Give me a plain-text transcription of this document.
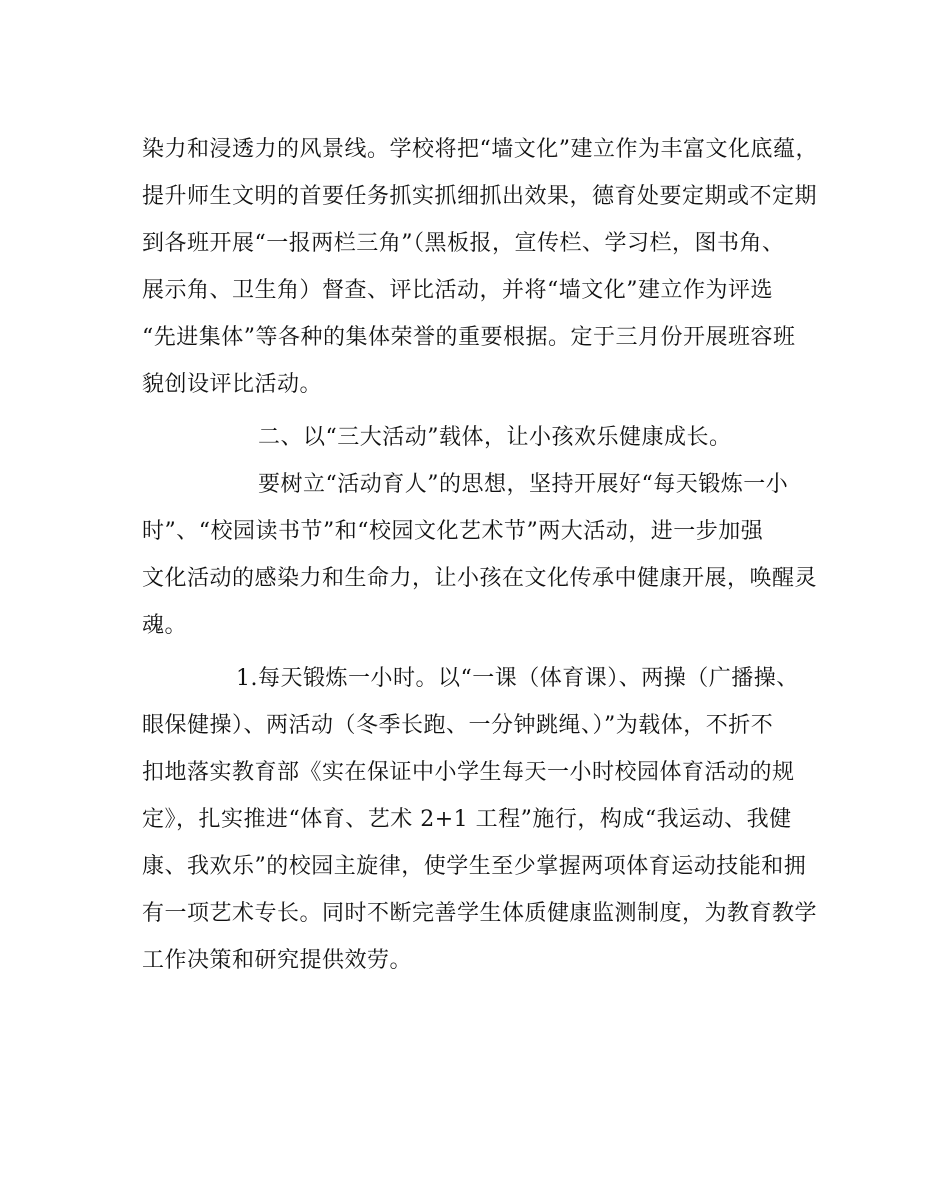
染力和浸透力的风景线。学校将把“墙文化”建立作为丰富文化底蕴，
提升师生文明的首要任务抓实抓细抓出效果，德育处要定期或不定期
到各班开展“一报两栏三角”（黑板报，宣传栏、学习栏，图书角、
展示角、卫生角）督查、评比活动，并将“墙文化”建立作为评选
“先进集体”等各种的集体荣誉的重要根据。定于三月份开展班容班
貌创设评比活动。
二、以“三大活动”载体，让小孩欢乐健康成长。
要树立“活动育人”的思想，坚持开展好“每天锻炼一小
时”、“校园读书节”和“校园文化艺术节”两大活动，进一步加强
文化活动的感染力和生命力，让小孩在文化传承中健康开展，唤醒灵
魂。
1.每天锻炼一小时。以“一课（体育课）、两操（广播操、
眼保健操）、两活动（冬季长跑、一分钟跳绳、）”为载体，不折不
扣地落实教育部《实在保证中小学生每天一小时校园体育活动的规
定》，扎实推进“体育、艺术 2+1 工程”施行，构成“我运动、我健
康、我欢乐”的校园主旋律，使学生至少掌握两项体育运动技能和拥
有一项艺术专长。同时不断完善学生体质健康监测制度，为教育教学
工作决策和研究提供效劳。
